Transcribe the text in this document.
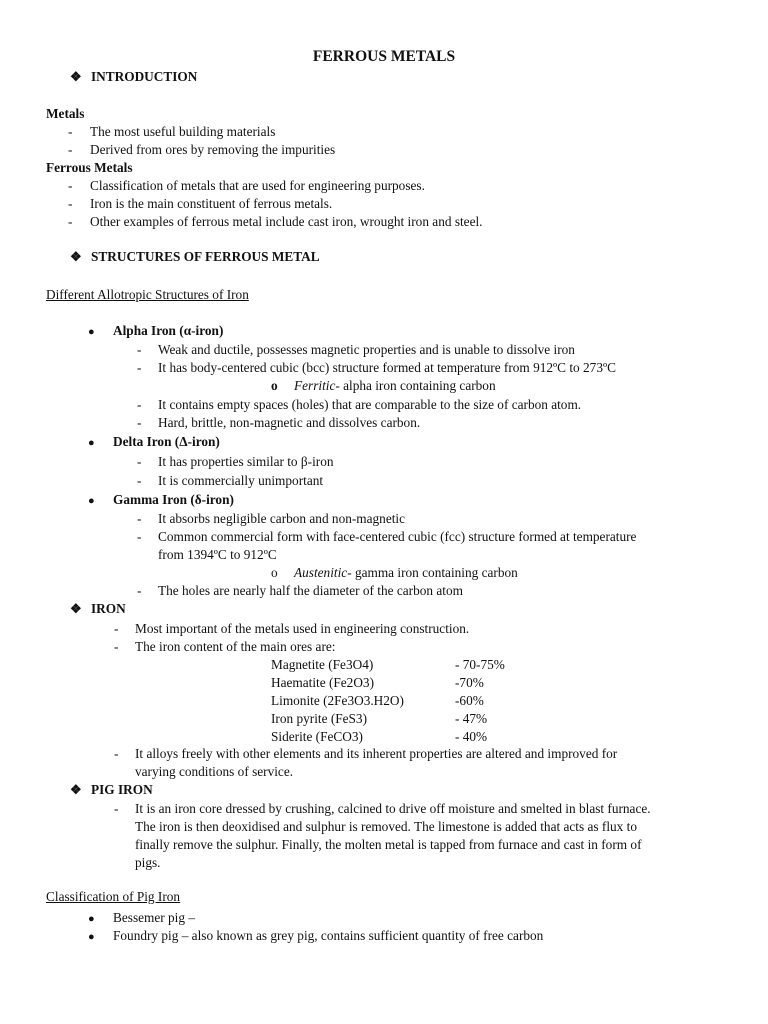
FERROUS METALS
❖ INTRODUCTION
Metals
- The most useful building materials
- Derived from ores by removing the impurities
Ferrous Metals
- Classification of metals that are used for engineering purposes.
- Iron is the main constituent of ferrous metals.
- Other examples of ferrous metal include cast iron, wrought iron and steel.
❖ STRUCTURES OF FERROUS METAL
Different Allotropic Structures of Iron
● Alpha Iron (α-iron)
- Weak and ductile, possesses magnetic properties and is unable to dissolve iron
- It has body-centered cubic (bcc) structure formed at temperature from 912ºC to 273ºC
o Ferritic- alpha iron containing carbon
- It contains empty spaces (holes) that are comparable to the size of carbon atom.
- Hard, brittle, non-magnetic and dissolves carbon.
● Delta Iron (Δ-iron)
- It has properties similar to β-iron
- It is commercially unimportant
● Gamma Iron (δ-iron)
- It absorbs negligible carbon and non-magnetic
- Common commercial form with face-centered cubic (fcc) structure formed at temperature
from 1394ºC to 912ºC
o Austenitic- gamma iron containing carbon
- The holes are nearly half the diameter of the carbon atom
❖ IRON
- Most important of the metals used in engineering construction.
- The iron content of the main ores are:
Magnetite (Fe3O4)	- 70-75%
Haematite (Fe2O3)	-70%
Limonite (2Fe3O3.H2O)	-60%
Iron pyrite (FeS3)	- 47%
Siderite (FeCO3)	- 40%
- It alloys freely with other elements and its inherent properties are altered and improved for
varying conditions of service.
❖ PIG IRON
- It is an iron core dressed by crushing, calcined to drive off moisture and smelted in blast furnace.
The iron is then deoxidised and sulphur is removed. The limestone is added that acts as flux to
finally remove the sulphur. Finally, the molten metal is tapped from furnace and cast in form of
pigs.
Classification of Pig Iron
● Bessemer pig –
● Foundry pig – also known as grey pig, contains sufficient quantity of free carbon
